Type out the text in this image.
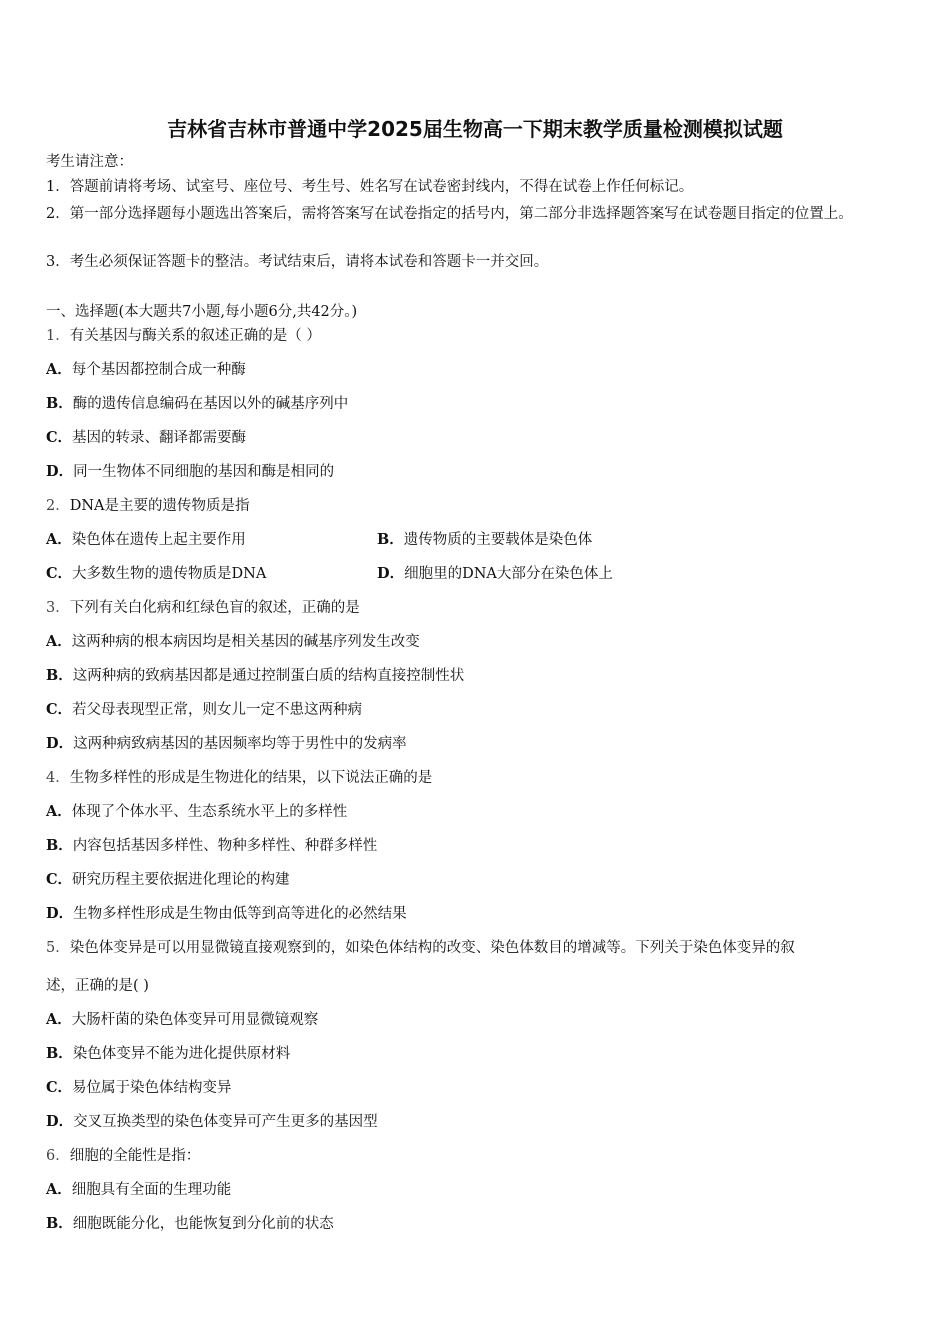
吉林省吉林市普通中学2025届生物高一下期末教学质量检测模拟试题
考生请注意：
1．答题前请将考场、试室号、座位号、考生号、姓名写在试卷密封线内，不得在试卷上作任何标记。
2．第一部分选择题每小题选出答案后，需将答案写在试卷指定的括号内，第二部分非选择题答案写在试卷题目指定的位置上。
3．考生必须保证答题卡的整洁。考试结束后，请将本试卷和答题卡一并交回。
一、选择题(本大题共7小题,每小题6分,共42分。)
1．有关基因与酶关系的叙述正确的是（ ）
A．每个基因都控制合成一种酶
B．酶的遗传信息编码在基因以外的碱基序列中
C．基因的转录、翻译都需要酶
D．同一生物体不同细胞的基因和酶是相同的
2．DNA是主要的遗传物质是指
A．染色体在遗传上起主要作用	B．遗传物质的主要载体是染色体
C．大多数生物的遗传物质是DNA	D．细胞里的DNA大部分在染色体上
3．下列有关白化病和红绿色盲的叙述，正确的是
A．这两种病的根本病因均是相关基因的碱基序列发生改变
B．这两种病的致病基因都是通过控制蛋白质的结构直接控制性状
C．若父母表现型正常，则女儿一定不患这两种病
D．这两种病致病基因的基因频率均等于男性中的发病率
4．生物多样性的形成是生物进化的结果，以下说法正确的是
A．体现了个体水平、生态系统水平上的多样性
B．内容包括基因多样性、物种多样性、种群多样性
C．研究历程主要依据进化理论的构建
D．生物多样性形成是生物由低等到高等进化的必然结果
5．染色体变异是可以用显微镜直接观察到的，如染色体结构的改变、染色体数目的增减等。下列关于染色体变异的叙
述，正确的是( )
A．大肠杆菌的染色体变异可用显微镜观察
B．染色体变异不能为进化提供原材料
C．易位属于染色体结构变异
D．交叉互换类型的染色体变异可产生更多的基因型
6．细胞的全能性是指：
A．细胞具有全面的生理功能
B．细胞既能分化，也能恢复到分化前的状态
